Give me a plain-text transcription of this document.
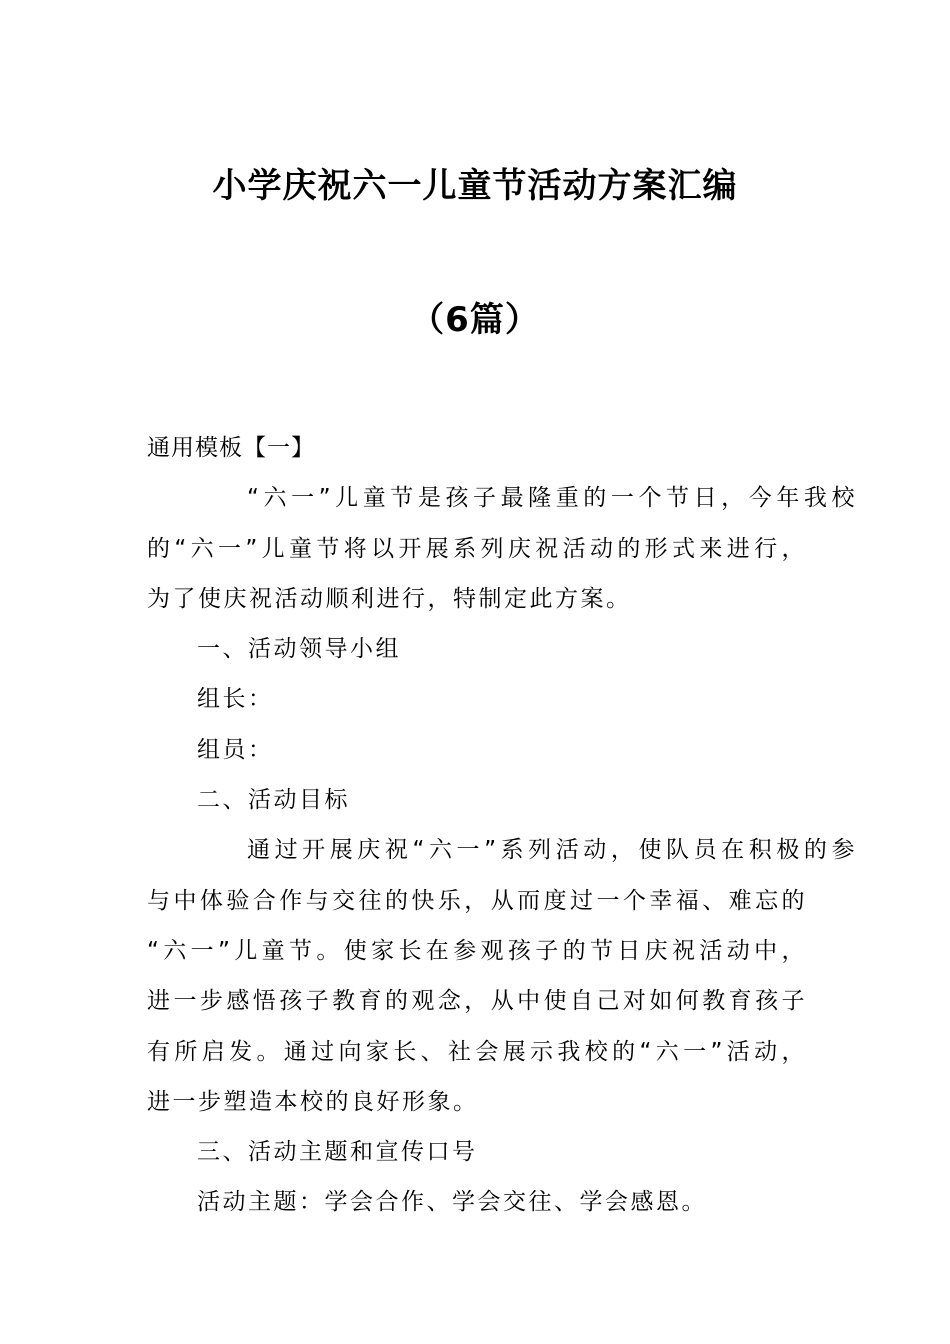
小学庆祝六一儿童节活动方案汇编
（6篇）
通用模板【一】
“六一”儿童节是孩子最隆重的一个节日，今年我校
的“六一”儿童节将以开展系列庆祝活动的形式来进行，
为了使庆祝活动顺利进行，特制定此方案。
一、活动领导小组
组长：
组员：
二、活动目标
通过开展庆祝“六一”系列活动，使队员在积极的参
与中体验合作与交往的快乐，从而度过一个幸福、难忘的
“六一”儿童节。使家长在参观孩子的节日庆祝活动中，
进一步感悟孩子教育的观念，从中使自己对如何教育孩子
有所启发。通过向家长、社会展示我校的“六一”活动，
进一步塑造本校的良好形象。
三、活动主题和宣传口号
活动主题：学会合作、学会交往、学会感恩。
